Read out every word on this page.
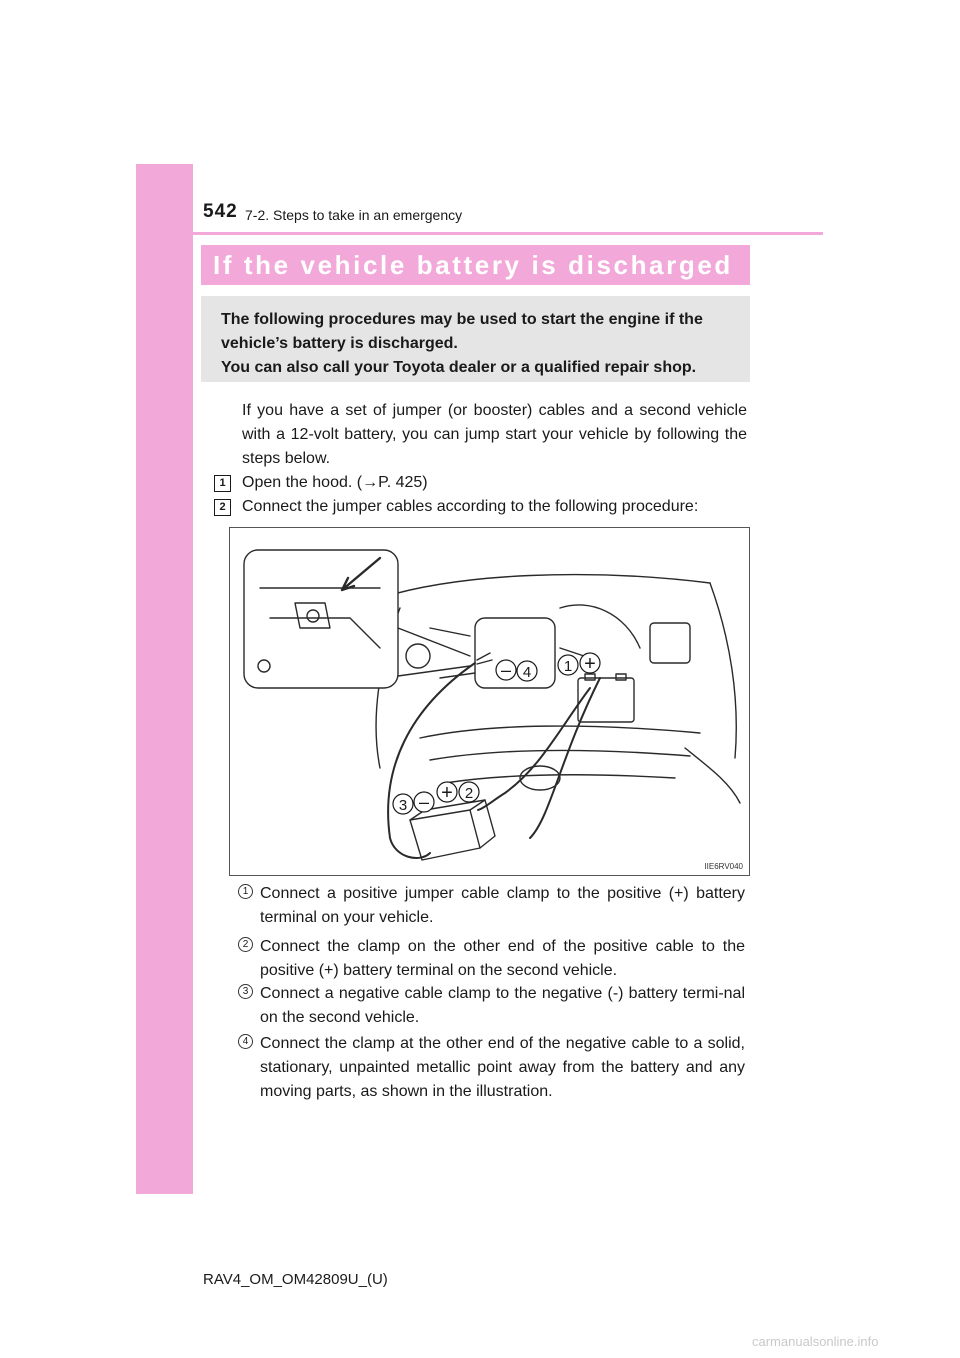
542 7-2. Steps to take in an emergency
If the vehicle battery is discharged

The following procedures may be used to start the engine if the vehicle’s battery is discharged.

You can also call your Toyota dealer or a qualified repair shop.

If you have a set of jumper (or booster) cables and a second vehicle with a 12-volt battery, you can jump start your vehicle by following the steps below.

1	Open the hood. (→P. 425)
2	Connect the jumper cables according to the following procedure:
1 +
– 4
+ 2
3 –
IIE6RV040
1 Connect a positive jumper cable clamp to the positive (+) battery terminal on your vehicle.
2 Connect the clamp on the other end of the positive cable to the positive (+) battery terminal on the second vehicle.
3 Connect a negative cable clamp to the negative (-) battery termi-nal on the second vehicle.
4 Connect the clamp at the other end of the negative cable to a solid, stationary, unpainted metallic point away from the battery and any moving parts, as shown in the illustration.
RAV4_OM_OM42809U_(U)
carmanualsonline.info
